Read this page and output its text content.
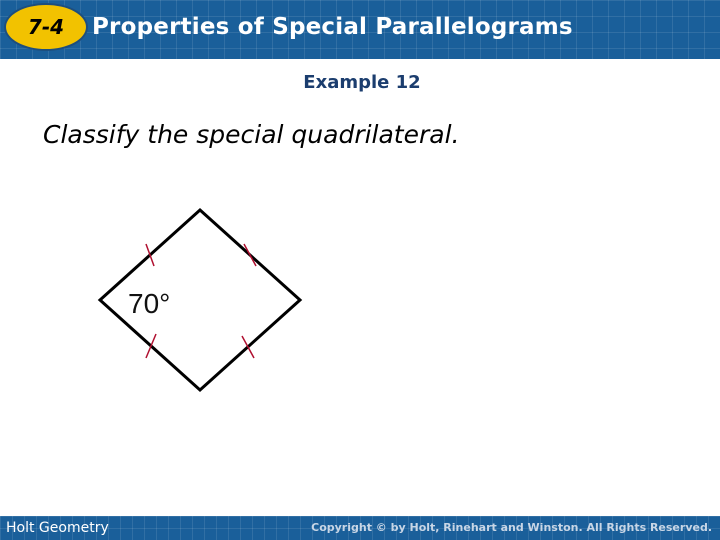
7-4	Properties of Special Parallelograms
Example 12
Classify the special quadrilateral.
70°
Holt Geometry	Copyright © by Holt, Rinehart and Winston. All Rights Reserved.
